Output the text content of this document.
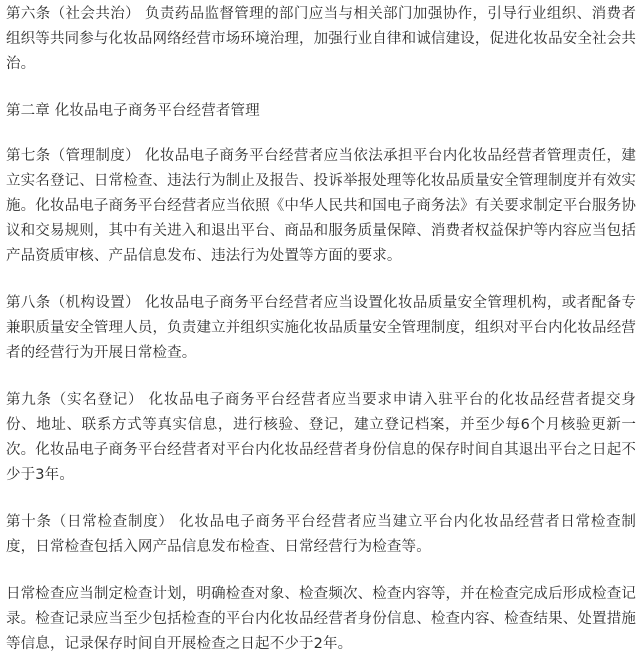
第六条（社会共治） 负责药品监督管理的部门应当与相关部门加强协作，引导行业组织、消费者组织等共同参与化妆品网络经营市场环境治理，加强行业自律和诚信建设，促进化妆品安全社会共治。

第二章 化妆品电子商务平台经营者管理

第七条（管理制度） 化妆品电子商务平台经营者应当依法承担平台内化妆品经营者管理责任，建立实名登记、日常检查、违法行为制止及报告、投诉举报处理等化妆品质量安全管理制度并有效实施。化妆品电子商务平台经营者应当依照《中华人民共和国电子商务法》有关要求制定平台服务协议和交易规则，其中有关进入和退出平台、商品和服务质量保障、消费者权益保护等内容应当包括产品资质审核、产品信息发布、违法行为处置等方面的要求。

第八条（机构设置） 化妆品电子商务平台经营者应当设置化妆品质量安全管理机构，或者配备专兼职质量安全管理人员，负责建立并组织实施化妆品质量安全管理制度，组织对平台内化妆品经营者的经营行为开展日常检查。

第九条（实名登记） 化妆品电子商务平台经营者应当要求申请入驻平台的化妆品经营者提交身份、地址、联系方式等真实信息，进行核验、登记，建立登记档案，并至少每6个月核验更新一次。化妆品电子商务平台经营者对平台内化妆品经营者身份信息的保存时间自其退出平台之日起不少于3年。

第十条（日常检查制度） 化妆品电子商务平台经营者应当建立平台内化妆品经营者日常检查制度，日常检查包括入网产品信息发布检查、日常经营行为检查等。

日常检查应当制定检查计划，明确检查对象、检查频次、检查内容等，并在检查完成后形成检查记录。检查记录应当至少包括检查的平台内化妆品经营者身份信息、检查内容、检查结果、处置措施等信息，记录保存时间自开展检查之日起不少于2年。
